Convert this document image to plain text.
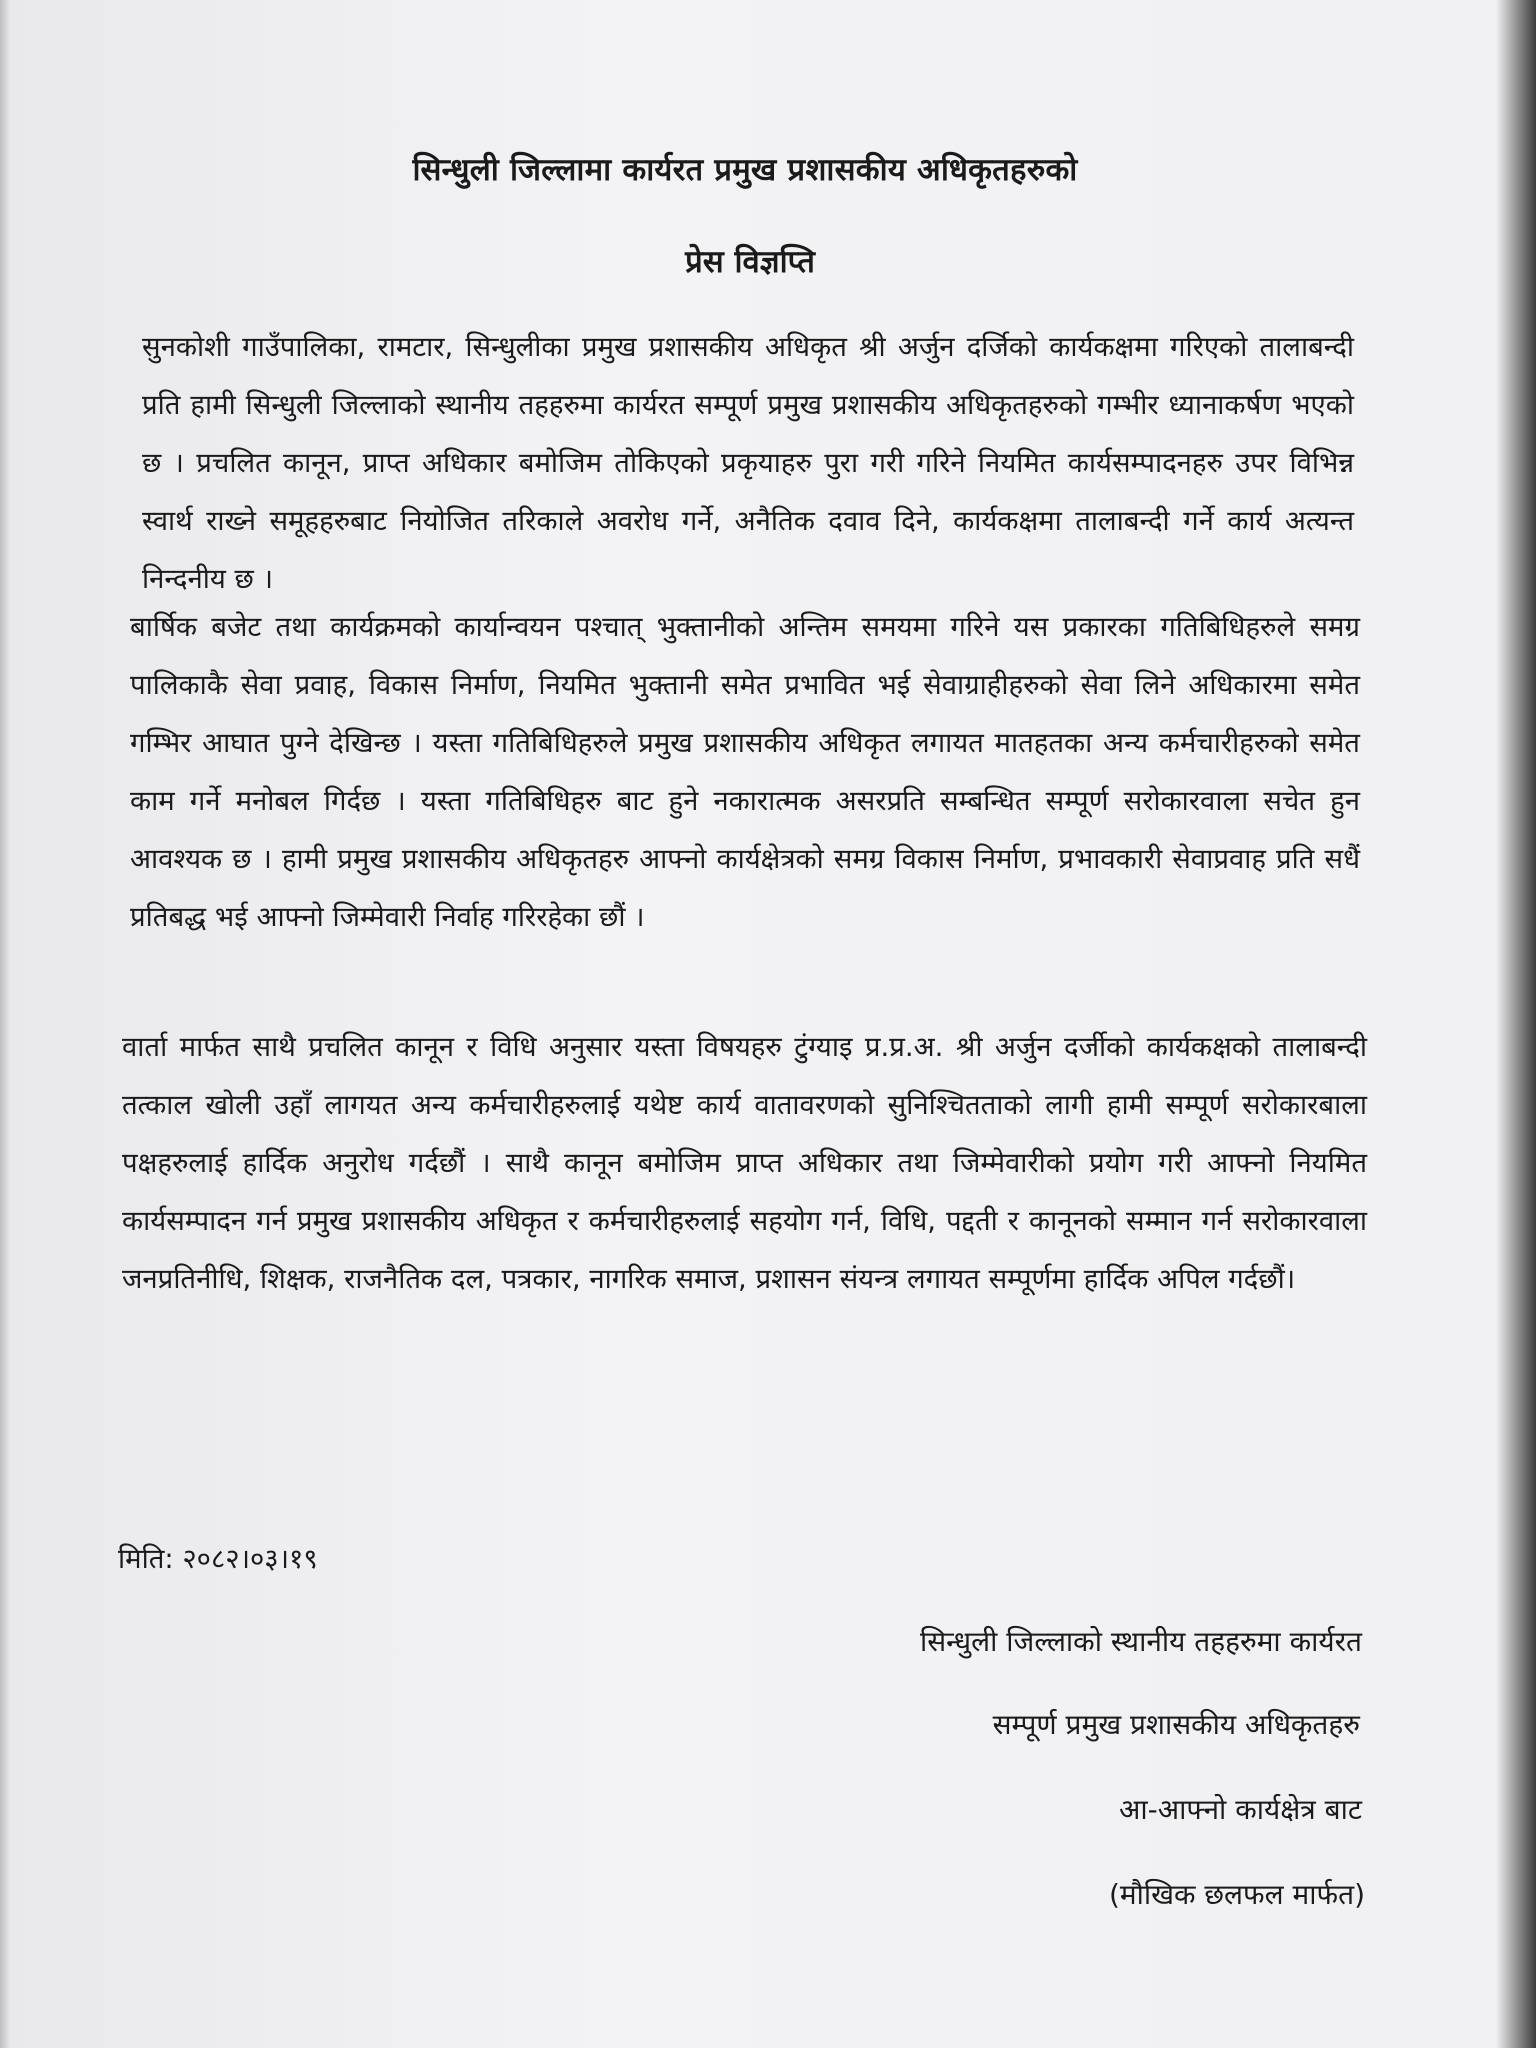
सिन्धुली जिल्लामा कार्यरत प्रमुख प्रशासकीय अधिकृतहरुको
प्रेस विज्ञप्ति

सुनकोशी गाउँपालिका, रामटार, सिन्धुलीका प्रमुख प्रशासकीय अधिकृत श्री अर्जुन दर्जिको कार्यकक्षमा गरिएको तालाबन्दी प्रति हामी सिन्धुली जिल्लाको स्थानीय तहहरुमा कार्यरत सम्पूर्ण प्रमुख प्रशासकीय अधिकृतहरुको गम्भीर ध्यानाकर्षण भएको छ । प्रचलित कानून, प्राप्त अधिकार बमोजिम तोकिएको प्रकृयाहरु पुरा गरी गरिने नियमित कार्यसम्पादनहरु उपर विभिन्न स्वार्थ राख्ने समूहहरुबाट नियोजित तरिकाले अवरोध गर्ने, अनैतिक दवाव दिने, कार्यकक्षमा तालाबन्दी गर्ने कार्य अत्यन्त निन्दनीय छ ।

बार्षिक बजेट तथा कार्यक्रमको कार्यान्वयन पश्चात् भुक्तानीको अन्तिम समयमा गरिने यस प्रकारका गतिबिधिहरुले समग्र पालिकाकै सेवा प्रवाह, विकास निर्माण, नियमित भुक्तानी समेत प्रभावित भई सेवाग्राहीहरुको सेवा लिने अधिकारमा समेत गम्भिर आघात पुग्ने देखिन्छ । यस्ता गतिबिधिहरुले प्रमुख प्रशासकीय अधिकृत लगायत मातहतका अन्य कर्मचारीहरुको समेत काम गर्ने मनोबल गिर्दछ । यस्ता गतिबिधिहरु बाट हुने नकारात्मक असरप्रति सम्बन्धित सम्पूर्ण सरोकारवाला सचेत हुन आवश्यक छ । हामी प्रमुख प्रशासकीय अधिकृतहरु आफ्नो कार्यक्षेत्रको समग्र विकास निर्माण, प्रभावकारी सेवाप्रवाह प्रति सधैं प्रतिबद्ध भई आफ्नो जिम्मेवारी निर्वाह गरिरहेका छौं ।

वार्ता मार्फत साथै प्रचलित कानून र विधि अनुसार यस्ता विषयहरु टुंग्याइ प्र.प्र.अ. श्री अर्जुन दर्जीको कार्यकक्षको तालाबन्दी तत्काल खोली उहाँ लागयत अन्य कर्मचारीहरुलाई यथेष्ट कार्य वातावरणको सुनिश्चितताको लागी हामी सम्पूर्ण सरोकारबाला पक्षहरुलाई हार्दिक अनुरोध गर्दछौं । साथै कानून बमोजिम प्राप्त अधिकार तथा जिम्मेवारीको प्रयोग गरी आफ्नो नियमित कार्यसम्पादन गर्न प्रमुख प्रशासकीय अधिकृत र कर्मचारीहरुलाई सहयोग गर्न, विधि, पद्दती र कानूनको सम्मान गर्न सरोकारवाला जनप्रतिनीधि, शिक्षक, राजनैतिक दल, पत्रकार, नागरिक समाज, प्रशासन संयन्त्र लगायत सम्पूर्णमा हार्दिक अपिल गर्दछौं।

मिति: २०८२।०३।१९
सिन्धुली जिल्लाको स्थानीय तहहरुमा कार्यरत
सम्पूर्ण प्रमुख प्रशासकीय अधिकृतहरु
आ-आफ्नो कार्यक्षेत्र बाट
(मौखिक छलफल मार्फत)
